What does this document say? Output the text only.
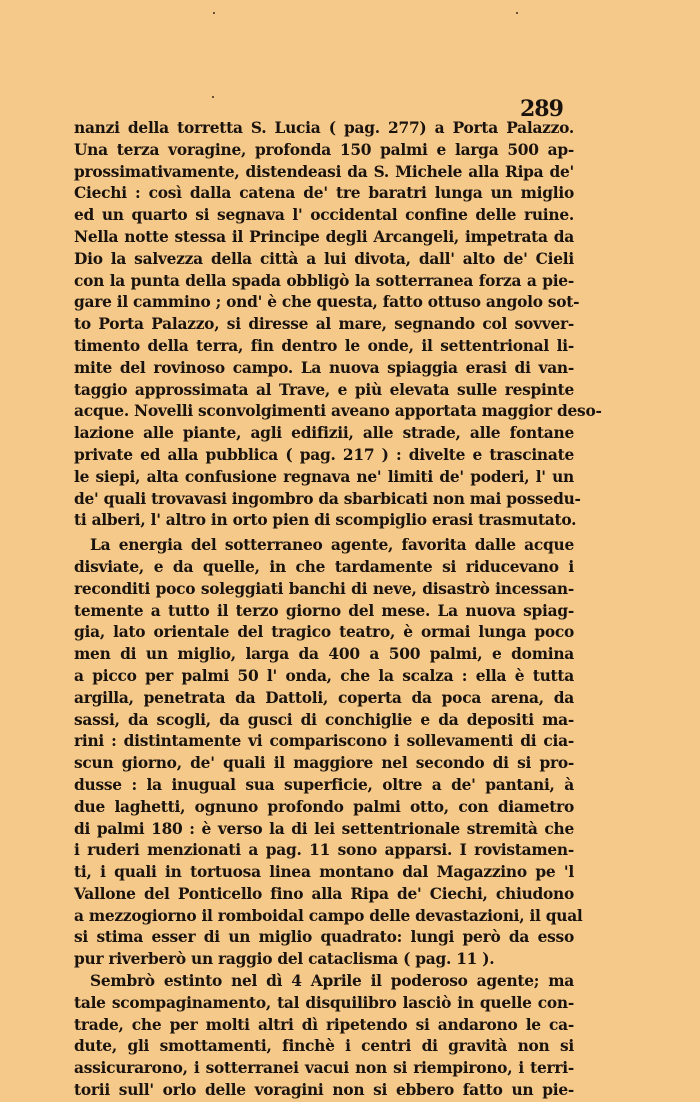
289
nanzi della torretta S. Lucia ( pag. 277) a Porta Palazzo.
Una terza voragine, profonda 150 palmi e larga 500 ap-
prossimativamente, distendeasi da S. Michele alla Ripa de'
Ciechi : così dalla catena de' tre baratri lunga un miglio
ed un quarto si segnava l' occidental confine delle ruine.
Nella notte stessa il Principe degli Arcangeli, impetrata da
Dio la salvezza della città a lui divota, dall' alto de' Cieli
con la punta della spada obbligò la sotterranea forza a pie-
gare il cammino ; ond' è che questa, fatto ottuso angolo sot-
to Porta Palazzo, si diresse al mare, segnando col sovver-
timento della terra, fin dentro le onde, il settentrional li-
mite del rovinoso campo. La nuova spiaggia erasi di van-
taggio approssimata al Trave, e più elevata sulle respinte
acque. Novelli sconvolgimenti aveano apportata maggior deso-
lazione alle piante, agli edifizii, alle strade, alle fontane
private ed alla pubblica ( pag. 217 ) : divelte e trascinate
le siepi, alta confusione regnava ne' limiti de' poderi, l' un
de' quali trovavasi ingombro da sbarbicati non mai possedu-
ti alberi, l' altro in orto pien di scompiglio erasi trasmutato.
La energia del sotterraneo agente, favorita dalle acque
disviate, e da quelle, in che tardamente si riducevano i
reconditi poco soleggiati banchi di neve, disastrò incessan-
temente a tutto il terzo giorno del mese. La nuova spiag-
gia, lato orientale del tragico teatro, è ormai lunga poco
men di un miglio, larga da 400 a 500 palmi, e domina
a picco per palmi 50 l' onda, che la scalza : ella è tutta
argilla, penetrata da Dattoli, coperta da poca arena, da
sassi, da scogli, da gusci di conchiglie e da depositi ma-
rini : distintamente vi compariscono i sollevamenti di cia-
scun giorno, de' quali il maggiore nel secondo di si pro-
dusse : la inugual sua superficie, oltre a de' pantani, à
due laghetti, ognuno profondo palmi otto, con diametro
di palmi 180 : è verso la di lei settentrionale stremità che
i ruderi menzionati a pag. 11 sono apparsi. I rovistamen-
ti, i quali in tortuosa linea montano dal Magazzino pe 'l
Vallone del Ponticello fino alla Ripa de' Ciechi, chiudono
a mezzogiorno il romboidal campo delle devastazioni, il qual
si stima esser di un miglio quadrato: lungi però da esso
pur riverberò un raggio del cataclisma ( pag. 11 ).
Sembrò estinto nel dì 4 Aprile il poderoso agente; ma
tale scompaginamento, tal disquilibro lasciò in quelle con-
trade, che per molti altri dì ripetendo si andarono le ca-
dute, gli smottamenti, finchè i centri di gravità non si
assicurarono, i sotterranei vacui non si riempirono, i terri-
torii sull' orlo delle voragini non si ebbero fatto un pie-
